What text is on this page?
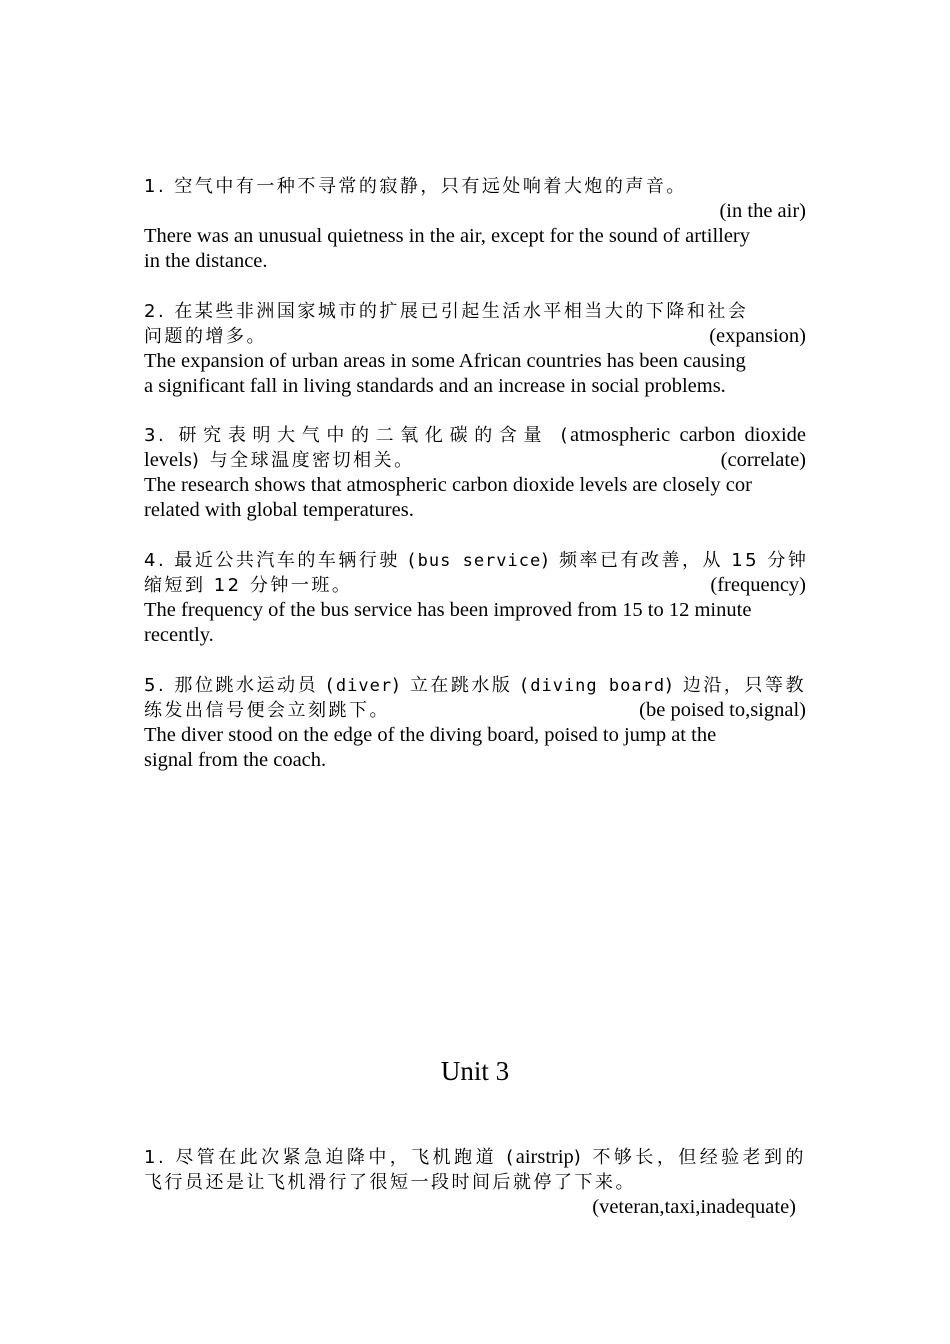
1. 空气中有一种不寻常的寂静，只有远处响着大炮的声音。
(in the air)
There was an unusual quietness in the air, except for the sound of artillery
in the distance.
2. 在某些非洲国家城市的扩展已引起生活水平相当大的下降和社会
问题的增多。	(expansion)
The expansion of urban areas in some African countries has been causing
a significant fall in living standards and an increase in social problems.
3. 研究表明大气中的二氧化碳的含量 (atmospheric carbon dioxide
levels) 与全球温度密切相关。	(correlate)
The research shows that atmospheric carbon dioxide levels are closely cor
related with global temperatures.
4. 最近公共汽车的车辆行驶 (bus service) 频率已有改善，从 15 分钟
缩短到 12 分钟一班。	(frequency)
The frequency of the bus service has been improved from 15 to 12 minute
recently.
5. 那位跳水运动员 (diver) 立在跳水版 (diving board) 边沿，只等教
练发出信号便会立刻跳下。	(be poised to,signal)
The diver stood on the edge of the diving board, poised to jump at the
signal from the coach.
Unit 3
1. 尽管在此次紧急迫降中，飞机跑道 (airstrip) 不够长，但经验老到的
飞行员还是让飞机滑行了很短一段时间后就停了下来。
(veteran,taxi,inadequate)
